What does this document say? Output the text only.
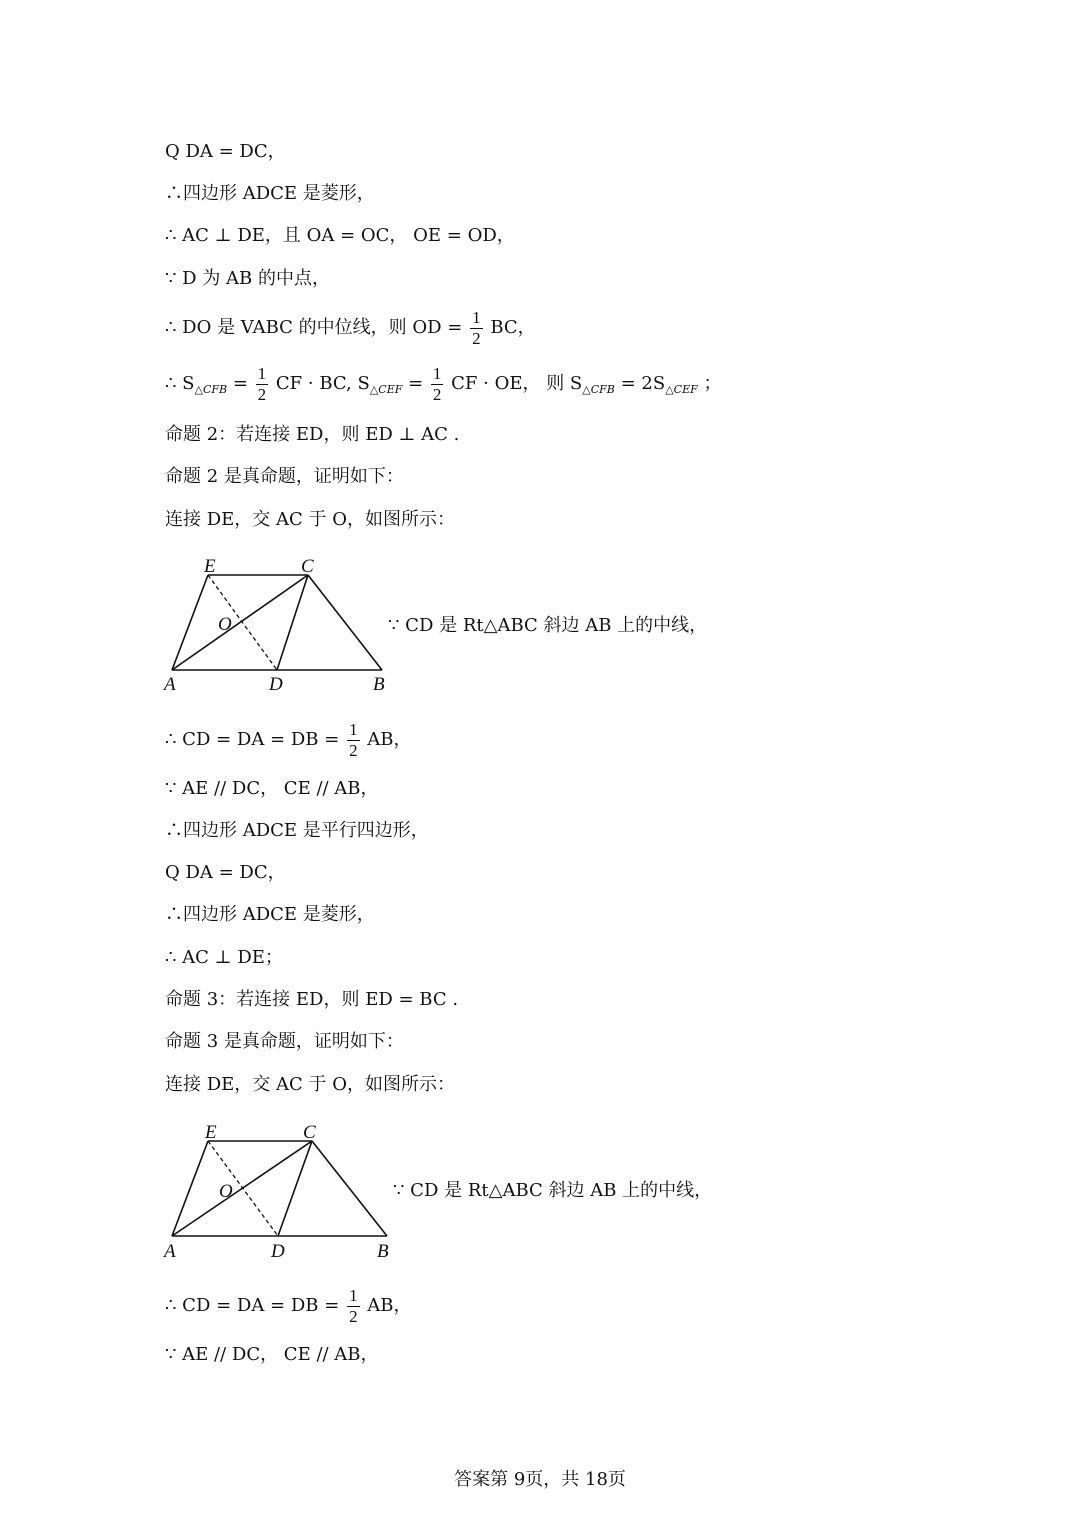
Q DA = DC，
∴四边形 ADCE 是菱形，
∴ AC ⊥ DE，且 OA = OC， OE = OD，
∵ D 为 AB 的中点，
∴ DO 是 VABC 的中位线，则 OD = $\frac{1}{2}$ BC，
∴ $S_{\triangle CFB} = \frac{1}{2}$ CF · BC, $S_{\triangle CEF} = \frac{1}{2}$ CF · OE， 则 $S_{\triangle CFB} = 2S_{\triangle CEF}$ ；
命题 2：若连接 ED，则 ED ⊥ AC .
命题 2 是真命题，证明如下：
连接 DE，交 AC 于 O，如图所示：
E	C
O
A	D	B
∵ CD 是 Rt△ABC 斜边 AB 上的中线，
∴ CD = DA = DB = $\frac{1}{2}$ AB，
∵ AE // DC， CE // AB，
∴四边形 ADCE 是平行四边形，
Q DA = DC，
∴四边形 ADCE 是菱形，
∴ AC ⊥ DE；
命题 3：若连接 ED，则 ED = BC .
命题 3 是真命题，证明如下：
连接 DE，交 AC 于 O，如图所示：
E	C
O
A	D	B
∵ CD 是 Rt△ABC 斜边 AB 上的中线，
∴ CD = DA = DB = $\frac{1}{2}$ AB，
∵ AE // DC， CE // AB，
答案第 9页，共 18页
